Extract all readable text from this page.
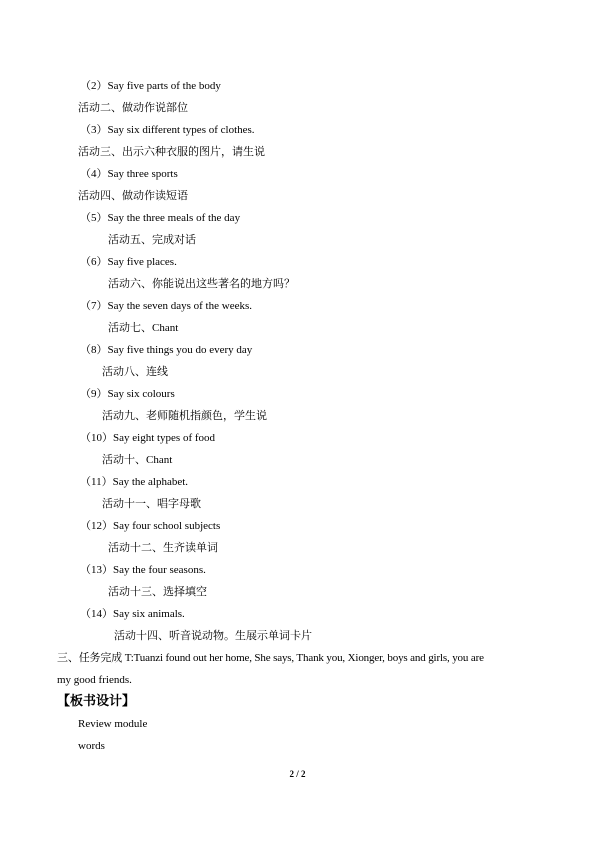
（2）Say five parts of the body
活动二、做动作说部位
（3）Say six different types of clothes.
活动三、出示六种衣服的图片，请生说
（4）Say three sports
活动四、做动作读短语
（5）Say the three meals of the day
活动五、完成对话
（6）Say five places.
活动六、你能说出这些著名的地方吗？
（7）Say the seven days of the weeks.
活动七、Chant
（8）Say five things you do every day
活动八、连线
（9）Say six colours
活动九、老师随机指颜色，学生说
（10）Say eight types of food
活动十、Chant
（11）Say the alphabet.
活动十一、唱字母歌
（12）Say four school subjects
活动十二、生齐读单词
（13）Say the four seasons.
活动十三、选择填空
（14）Say six animals.
活动十四、听音说动物。生展示单词卡片
三、任务完成 T:Tuanzi found out her home, She says, Thank you, Xionger, boys and girls, you are
my good friends.
【板书设计】
Review module
words
2 / 2
